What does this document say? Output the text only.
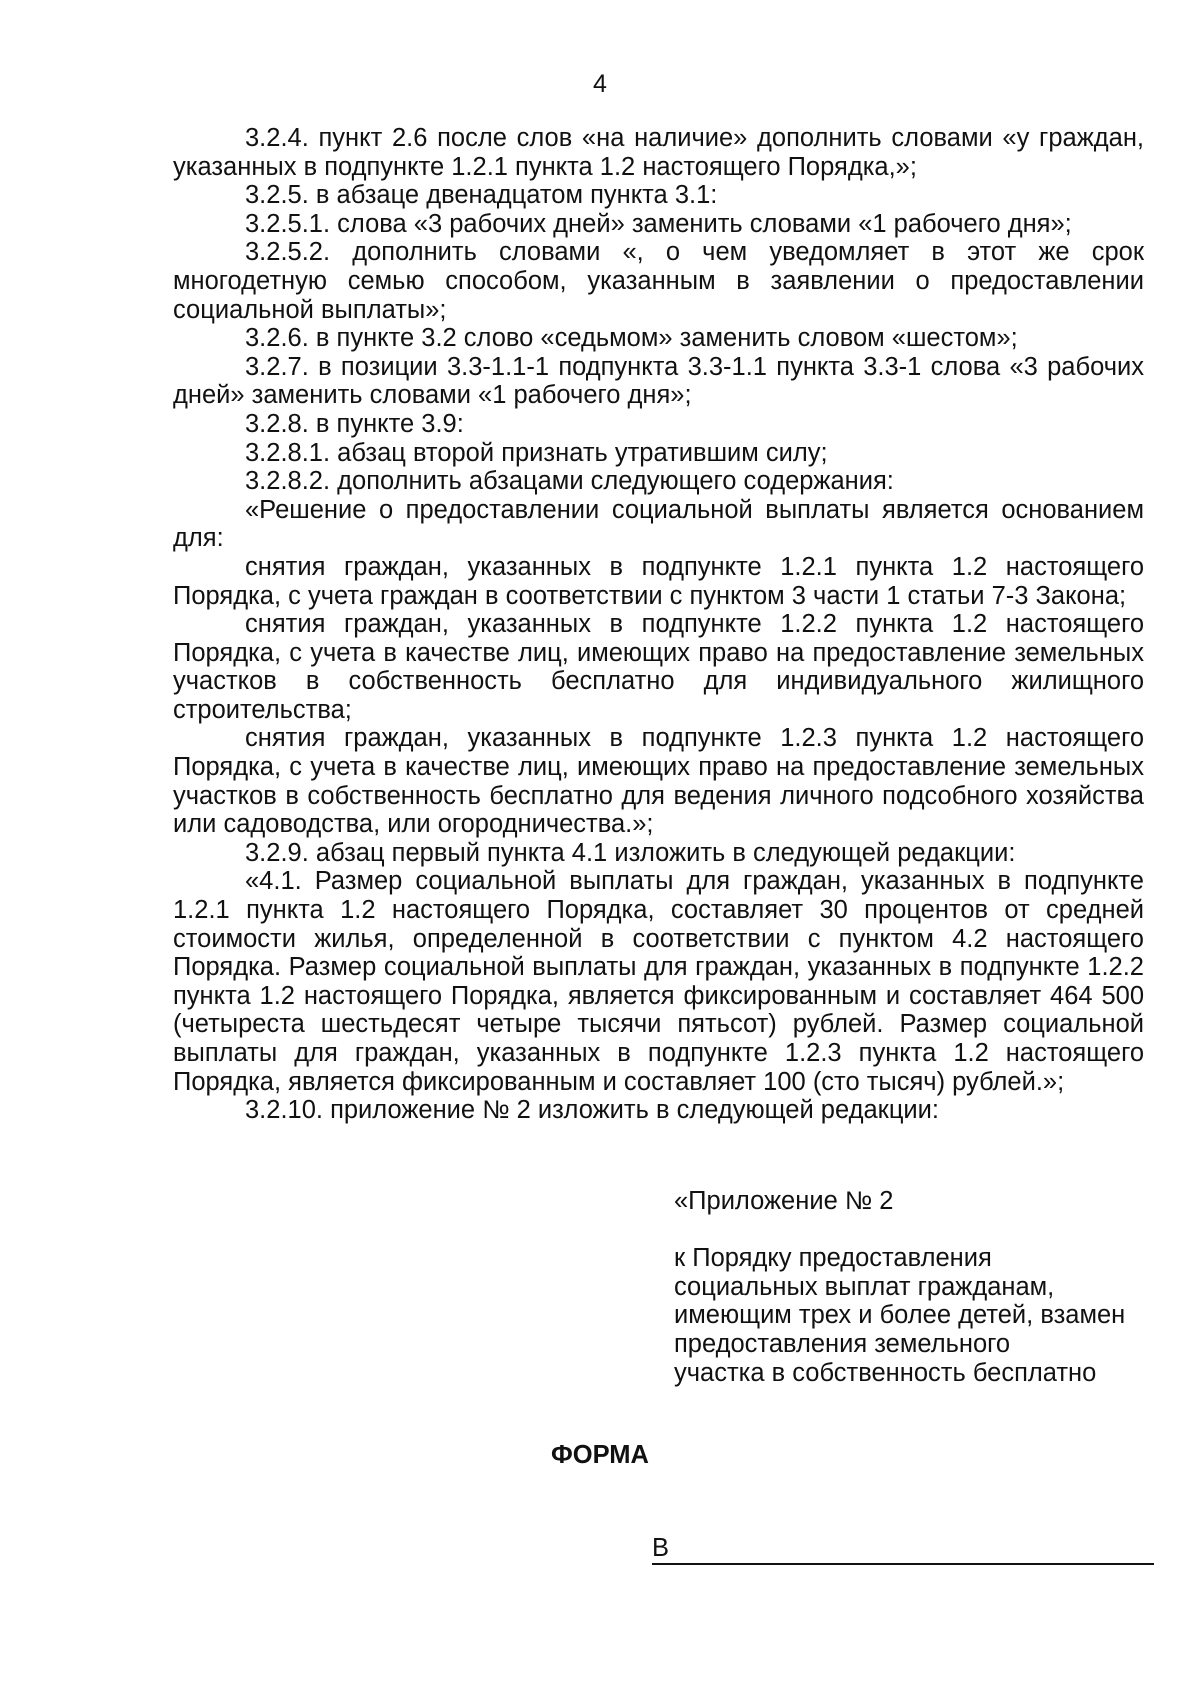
4

3.2.4. пункт 2.6 после слов «на наличие» дополнить словами «у граждан, указанных в подпункте 1.2.1 пункта 1.2 настоящего Порядка,»;

3.2.5. в абзаце двенадцатом пункта 3.1:

3.2.5.1. слова «3 рабочих дней» заменить словами «1 рабочего дня»;

3.2.5.2. дополнить словами «, о чем уведомляет в этот же срок многодетную семью способом, указанным в заявлении о предоставлении социальной выплаты»;

3.2.6. в пункте 3.2 слово «седьмом» заменить словом «шестом»;

3.2.7. в позиции 3.3-1.1-1 подпункта 3.3-1.1 пункта 3.3-1 слова «3 рабочих дней» заменить словами «1 рабочего дня»;

3.2.8. в пункте 3.9:

3.2.8.1. абзац второй признать утратившим силу;

3.2.8.2. дополнить абзацами следующего содержания:

«Решение о предоставлении социальной выплаты является основанием для:

снятия граждан, указанных в подпункте 1.2.1 пункта 1.2 настоящего Порядка, с учета граждан в соответствии с пунктом 3 части 1 статьи 7-3 Закона;

снятия граждан, указанных в подпункте 1.2.2 пункта 1.2 настоящего Порядка, с учета в качестве лиц, имеющих право на предоставление земельных участков в собственность бесплатно для индивидуального жилищного строительства;

снятия граждан, указанных в подпункте 1.2.3 пункта 1.2 настоящего Порядка, с учета в качестве лиц, имеющих право на предоставление земельных участков в собственность бесплатно для ведения личного подсобного хозяйства или садоводства, или огородничества.»;

3.2.9. абзац первый пункта 4.1 изложить в следующей редакции:

«4.1. Размер социальной выплаты для граждан, указанных в подпункте 1.2.1 пункта 1.2 настоящего Порядка, составляет 30 процентов от средней стоимости жилья, определенной в соответствии с пунктом 4.2 настоящего Порядка. Размер социальной выплаты для граждан, указанных в подпункте 1.2.2 пункта 1.2 настоящего Порядка, является фиксированным и составляет 464 500 (четыреста шестьдесят четыре тысячи пятьсот) рублей. Размер социальной выплаты для граждан, указанных в подпункте 1.2.3 пункта 1.2 настоящего Порядка, является фиксированным и составляет 100 (сто тысяч) рублей.»;

3.2.10. приложение № 2 изложить в следующей редакции:

«Приложение № 2
к Порядку предоставления
социальных выплат гражданам,
имеющим трех и более детей, взамен
предоставления земельного
участка в собственность бесплатно
ФОРМА
В
